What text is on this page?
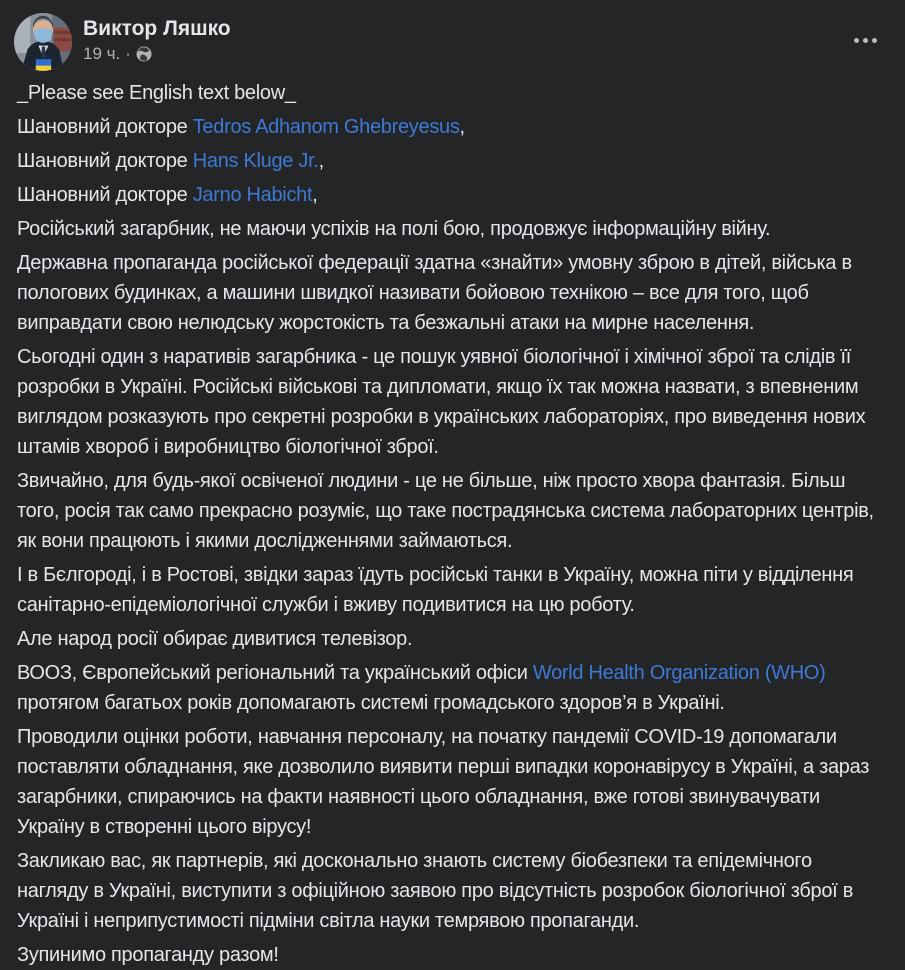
Виктор Ляшко
19 ч. ·
_Please see English text below_
Шановний докторе Tedros Adhanom Ghebreyesus,
Шановний докторе Hans Kluge Jr.,
Шановний докторе Jarno Habicht,
Російський загарбник, не маючи успіхів на полі бою, продовжує інформаційну війну.
Державна пропаганда російської федерації здатна «знайти» умовну зброю в дітей, війська в пологових будинках, а машини швидкої називати бойовою технікою – все для того, щоб виправдати свою нелюдську жорстокість та безжальні атаки на мирне населення.
Сьогодні один з наративів загарбника - це пошук уявної біологічної і хімічної зброї та слідів її розробки в Україні. Російські військові та дипломати, якщо їх так можна назвати, з впевненим виглядом розказують про секретні розробки в українських лабораторіях, про виведення нових штамів хвороб і виробництво біологічної зброї.
Звичайно, для будь-якої освіченої людини - це не більше, ніж просто хвора фантазія. Більш того, росія так само прекрасно розуміє, що таке пострадянська система лабораторних центрів, як вони працюють і якими дослідженнями займаються.
І в Бєлгороді, і в Ростові, звідки зараз їдуть російські танки в Україну, можна піти у відділення санітарно-епідеміологічної служби і вживу подивитися на цю роботу.
Але народ росії обирає дивитися телевізор.
ВООЗ, Європейський регіональний та український офіси World Health Organization (WHO) протягом багатьох років допомагають системі громадського здоров’я в Україні.
Проводили оцінки роботи, навчання персоналу, на початку пандемії COVID-19 допомагали поставляти обладнання, яке дозволило виявити перші випадки коронавірусу в Україні, а зараз загарбники, спираючись на факти наявності цього обладнання, вже готові звинувачувати Україну в створенні цього вірусу!
Закликаю вас, як партнерів, які досконально знають систему біобезпеки та епідемічного нагляду в Україні, виступити з офіційною заявою про відсутність розробок біологічної зброї в Україні і неприпустимості підміни світла науки темрявою пропаганди.
Зупинимо пропаганду разом!
